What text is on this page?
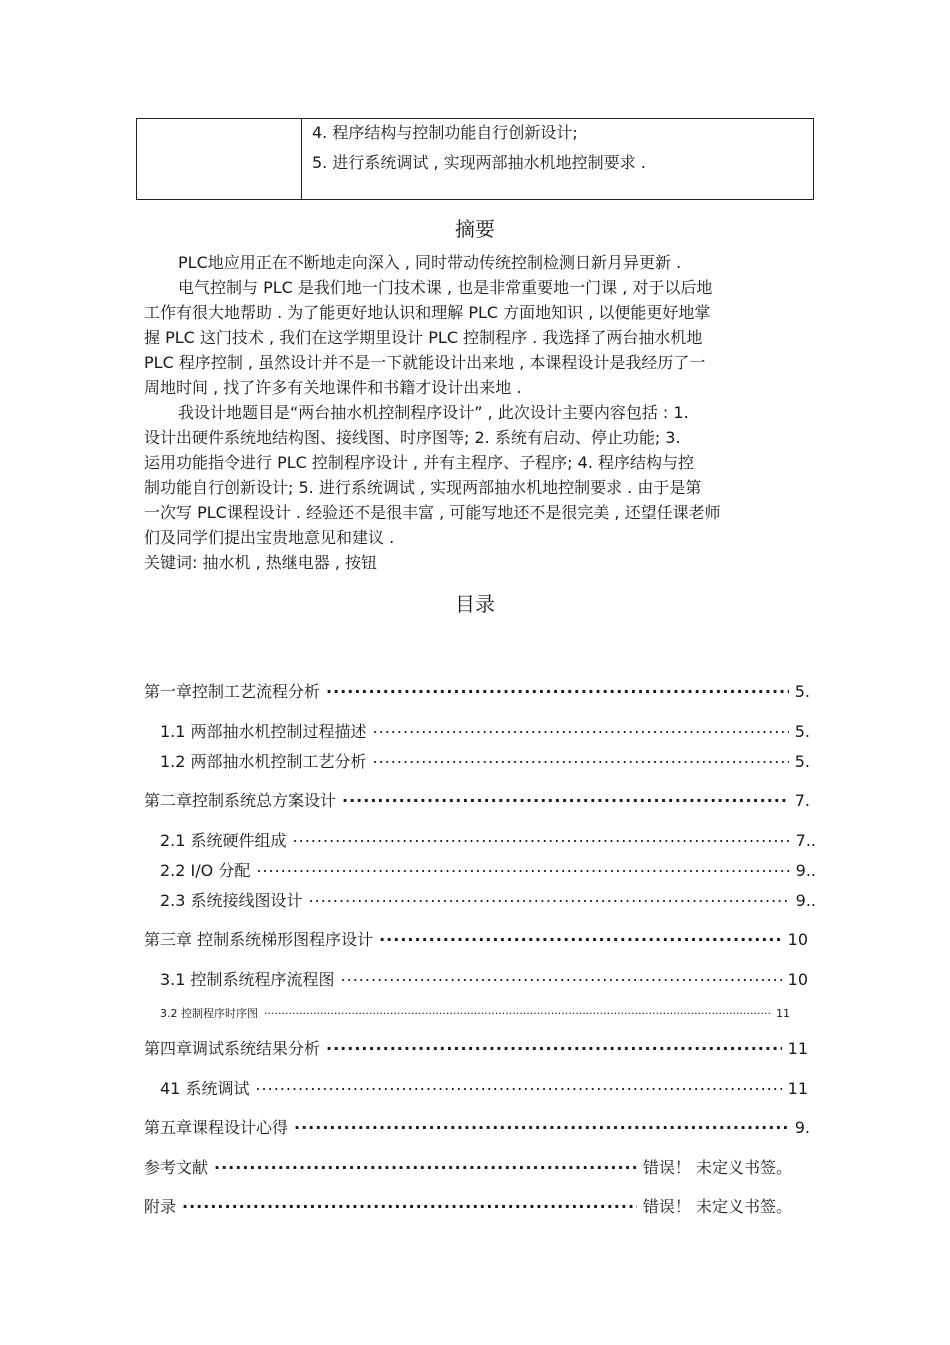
4. 程序结构与控制功能自行创新设计;
5. 进行系统调试 , 实现两部抽水机地控制要求 .
摘要

PLC地应用正在不断地走向深入 , 同时带动传统控制检测日新月异更新 .

电气控制与 PLC 是我们地一门技术课 , 也是非常重要地一门课 , 对于以后地

工作有很大地帮助 . 为了能更好地认识和理解 PLC 方面地知识 , 以便能更好地掌

握 PLC 这门技术 , 我们在这学期里设计 PLC 控制程序 . 我选择了两台抽水机地

PLC 程序控制 , 虽然设计并不是一下就能设计出来地 , 本课程设计是我经历了一

周地时间 , 找了许多有关地课件和书籍才设计出来地 .

我设计地题目是“两台抽水机控制程序设计” , 此次设计主要内容包括 : 1.

设计出硬件系统地结构图、接线图、时序图等; 2. 系统有启动、停止功能; 3.

运用功能指令进行 PLC 控制程序设计 , 并有主程序、子程序; 4. 程序结构与控

制功能自行创新设计; 5. 进行系统调试 , 实现两部抽水机地控制要求 . 由于是第

一次写 PLC课程设计 . 经验还不是很丰富 , 可能写地还不是很完美 , 还望任课老师

们及同学们提出宝贵地意见和建议 .

关键词: 抽水机 , 热继电器 , 按钮

目录
第一章控制工艺流程分析 .....	5.
1.1 两部抽水机控制过程描述 .....	5.
1.2 两部抽水机控制工艺分析 .....	5.
第二章控制系统总方案设计 .....	7.
2.1 系统硬件组成 .....	7..
2.2 I/O 分配 .....	9..
2.3 系统接线图设计 .....	9..
第三章 控制系统梯形图程序设计 .....	10
3.1 控制系统程序流程图 .....	10
3.2 控制程序时序图 .....	11
第四章调试系统结果分析 .....	11
41 系统调试 .....	11
第五章课程设计心得 .....	9.
参考文献 .....	错误！ 未定义书签。
附录 .....	错误！ 未定义书签。
